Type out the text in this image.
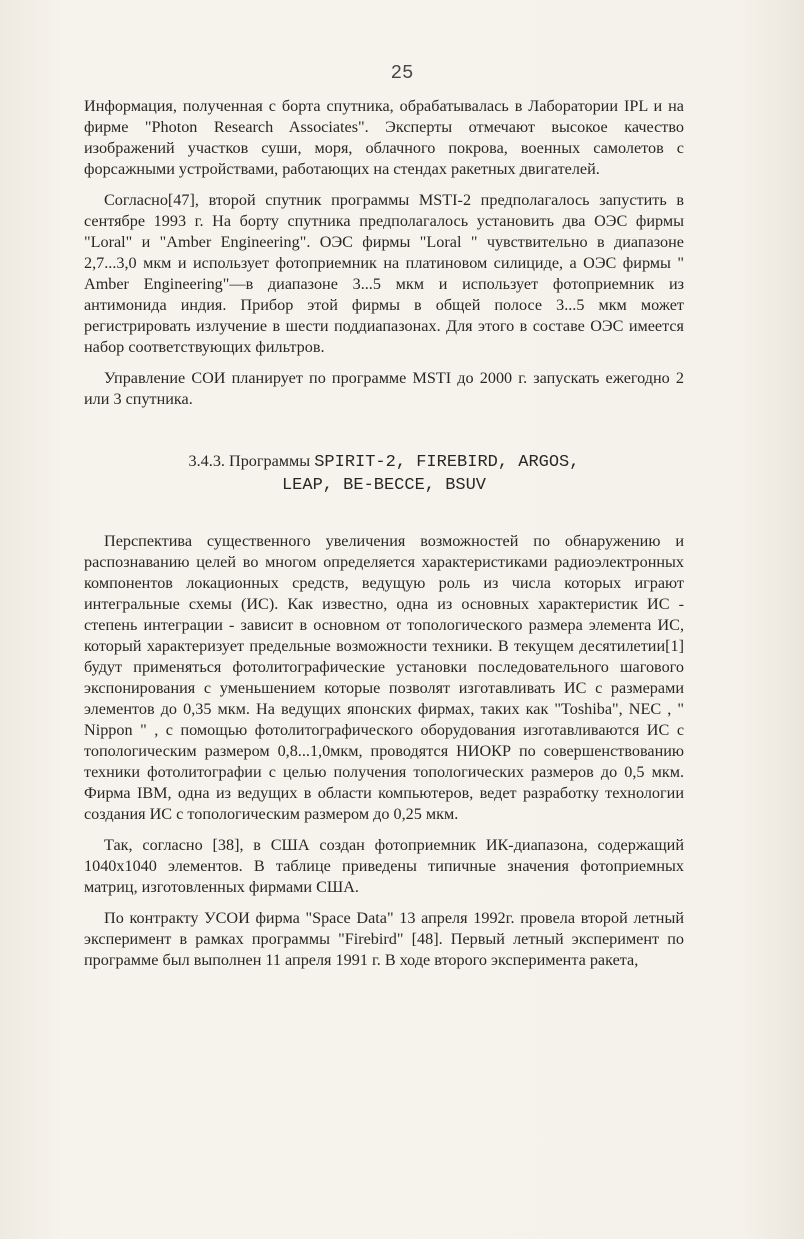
25

Информация, полученная с борта спутника, обрабатывалась в Лаборатории IPL и на фирме "Photon Research Associates". Эксперты отмечают высокое качество изображений участков суши, моря, облачного покрова, военных самолетов с форсажными устройствами, работающих на стендах ракетных двигателей.

Согласно[47], второй спутник программы MSTI-2 предполагалось запустить в сентябре 1993 г. На борту спутника предполагалось установить два ОЭС фирмы "Loral" и "Amber Engineering". ОЭС фирмы "Loral " чувствительно в диапазоне 2,7...3,0 мкм и использует фотоприемник на платиновом силициде, а ОЭС фирмы " Amber Engineering"—в диапазоне 3...5 мкм и использует фотоприемник из антимонида индия. Прибор этой фирмы в общей полосе 3...5 мкм может регистрировать излучение в шести поддиапазонах. Для этого в составе ОЭС имеется набор соответствующих фильтров.

Управление СОИ планирует по программе MSTI до 2000 г. запускать ежегодно 2 или 3 спутника.

3.4.3. Программы SPIRIT-2, FIREBIRD, ARGOS,
LEAP, BE-BECCE, BSUV

Перспектива существенного увеличения возможностей по обнаружению и распознаванию целей во многом определяется характеристиками радиоэлектронных компонентов локационных средств, ведущую роль из числа которых играют интегральные схемы (ИС). Как известно, одна из основных характеристик ИС - степень интеграции - зависит в основном от топологического размера элемента ИС, который характеризует предельные возможности техники. В текущем десятилетии[1] будут применяться фотолитографические установки последовательного шагового экспонирования с уменьшением которые позволят изготавливать ИС с размерами элементов до 0,35 мкм. На ведущих японских фирмах, таких как "Toshiba", NEC , " Nippon " , с помощью фотолитографического оборудования изготавливаются ИС с топологическим размером 0,8...1,0мкм, проводятся НИОКР по совершенствованию техники фотолитографии с целью получения топологических размеров до 0,5 мкм. Фирма IBM, одна из ведущих в области компьютеров, ведет разработку технологии создания ИС с топологическим размером до 0,25 мкм.

Так, согласно [38], в США создан фотоприемник ИК-диапазона, содержащий 1040x1040 элементов. В таблице приведены типичные значения фотоприемных матриц, изготовленных фирмами США.

По контракту УСОИ фирма "Space Data" 13 апреля 1992г. провела второй летный эксперимент в рамках программы "Firebird" [48]. Первый летный эксперимент по программе был выполнен 11 апреля 1991 г. В ходе второго эксперимента ракета,
